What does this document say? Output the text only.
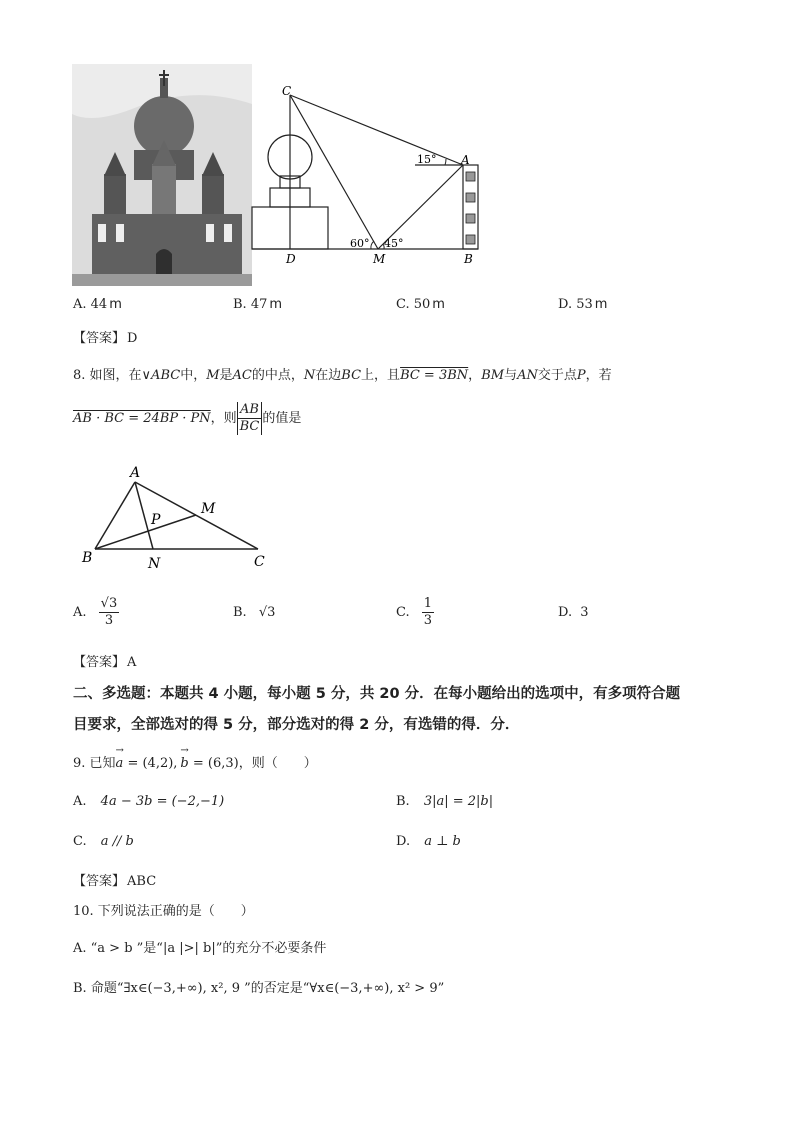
C
A
D	M	B
15°
60° 45°
A. 44 m	B. 47 m	C. 50 m	D. 53 m
【答案】 D
8. 如图，在∨ABC中，M是AC的中点，N在边BC上，且BC = 3BN，BM与AN交于点P，若
AB · BC = 24BP · PN，则 $\frac{AB}{BC}$ 的值是
A
M
P
B	N	C
A. $\frac{√3}{3}$	B. √3	C. $\frac{1}{3}$	D. 3
【答案】 A
二、多选题：本题共 4 小题，每小题 5 分，共 20 分．在每小题给出的选项中，有多项符合题
目要求，全部选对的得 5 分，部分选对的得 2 分，有选错的得．分．
9. 已知→ a = (4,2), → b = (6,3)，则（　　）
A. 4a − 3b = (−2,−1)	B. 3|a| = 2|b|
C. a // b	D. a ⊥ b
【答案】 ABC
10. 下列说法正确的是（　　）
A. “a > b ”是“|a |>| b|”的充分不必要条件
B. 命题“∃x∈(−3,+∞), x², 9 ”的否定是“∀x∈(−3,+∞), x² > 9”
